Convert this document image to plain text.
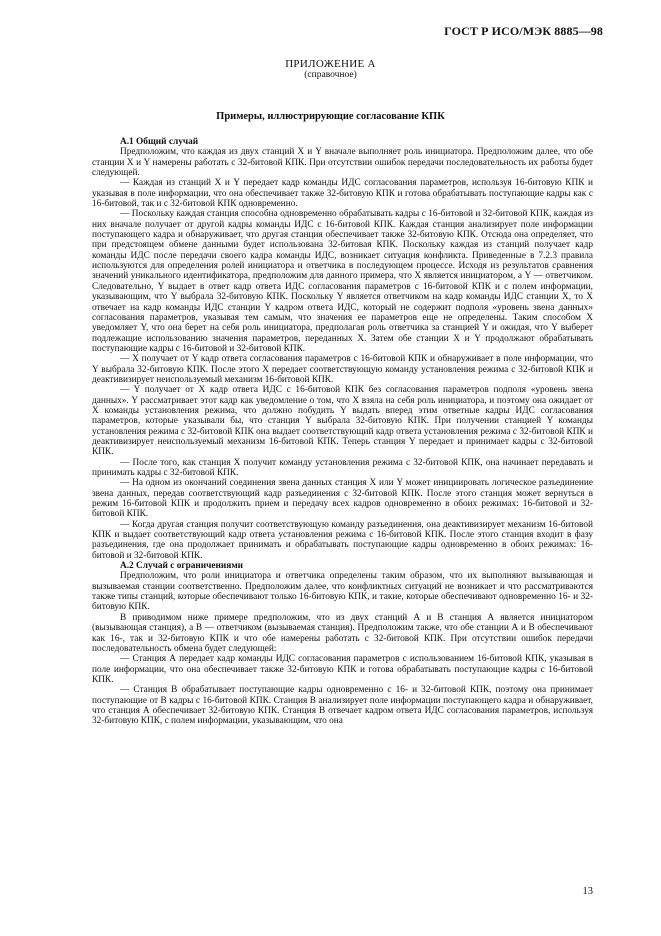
ГОСТ Р ИСО/МЭК 8885—98
ПРИЛОЖЕНИЕ А
(справочное)
Примеры, иллюстрирующие согласование КПК
А.1 Общий случай

Предположим, что каждая из двух станций X и Y вначале выполняет роль инициатора. Предположим далее, что обе станции X и Y намерены работать с 32-битовой КПК. При отсутствии ошибок передачи последовательность их работы будет следующей.

— Каждая из станций X и Y передает кадр команды ИДС согласования параметров, используя 16-битовую КПК и указывая в поле информации, что она обеспечивает также 32-битовую КПК и готова обрабатывать поступающие кадры как с 16-битовой, так и с 32-битовой КПК одновременно.

— Поскольку каждая станция способна одновременно обрабатывать кадры с 16-битовой и 32-битовой КПК, каждая из них вначале получает от другой кадры команды ИДС с 16-битовой КПК. Каждая станция анализирует поле информации поступающего кадра и обнаруживает, что другая станция обеспечивает также 32-битовую КПК. Отсюда она определяет, что при предстоящем обмене данными будет использована 32-битовая КПК. Поскольку каждая из станций получает кадр команды ИДС после передачи своего кадра команды ИДС, возникает ситуация конфликта. Приведенные в 7.2.3 правила используются для определения ролей инициатора и ответчика в последующем процессе. Исходя из результатов сравнения значений уникального идентификатора, предположим для данного примера, что X является инициатором, а Y — ответчиком. Следовательно, Y выдает в ответ кадр ответа ИДС согласования параметров с 16-битовой КПК и с полем информации, указывающим, что Y выбрала 32-битовую КПК. Поскольку Y является ответчиком на кадр команды ИДС станции X, то X отвечает на кадр команды ИДС станции Y кадром ответа ИДС, который не содержит подполя «уровень звена данных» согласования параметров, указывая тем самым, что значения ее параметров еще не определены. Таким способом X уведомляет Y, что она берет на себя роль инициатора, предполагая роль ответчика за станцией Y и ожидая, что Y выберет подлежащие использованию значения параметров, переданных X. Затем обе станции X и Y продолжают обрабатывать поступающие кадры с 16-битовой и 32-битовой КПК.

— X получает от Y кадр ответа согласования параметров с 16-битовой КПК и обнаруживает в поле информации, что Y выбрала 32-битовую КПК. После этого X передает соответствующую команду установления режима с 32-битовой КПК и деактивизирует неиспользуемый механизм 16-битовой КПК.

— Y получает от X кадр ответа ИДС с 16-битовой КПК без согласования параметров подполя «уровень звена данных». Y рассматривает этот кадр как уведомление о том, что X взяла на себя роль инициатора, и поэтому она ожидает от X команды установления режима, что должно побудить Y выдать вперед этим ответные кадры ИДС согласования параметров, которые указывали бы, что станция Y выбрала 32-битовую КПК. При получении станцией Y команды установления режима с 32-битовой КПК она выдает соответствующий кадр ответа установления режима с 32-битовой КПК и деактивизирует неиспользуемый механизм 16-битовой КПК. Теперь станция Y передает и принимает кадры с 32-битовой КПК.

— После того, как станция X получит команду установления режима с 32-битовой КПК, она начинает передавать и принимать кадры с 32-битовой КПК.

— На одном из окончаний соединения звена данных станция X или Y может инициировать логическое разъединение звена данных, передав соответствующий кадр разъединения с 32-битовой КПК. После этого станция может вернуться в режим 16-битовой КПК и продолжить прием и передачу всех кадров одновременно в обоих режимах: 16-битовой и 32-битовой КПК.

— Когда другая станция получит соответствующую команду разъединения, она деактивизирует механизм 16-битовой КПК и выдает соответствующий кадр ответа установления режима с 16-битовой КПК. После этого станция входит в фазу разъединения, где она продолжает принимать и обрабатывать поступающие кадры одновременно в обоих режимах: 16-битовой и 32-битовой КПК.

А.2 Случай с ограничениями

Предположим, что роли инициатора и ответчика определены таким образом, что их выполняют вызывающая и вызываемая станции соответственно. Предположим далее, что конфликтных ситуаций не возникает и что рассматриваются также типы станций, которые обеспечивают только 16-битовую КПК, и такие, которые обеспечивают одновременно 16- и 32-битовую КПК.

В приводимом ниже примере предположим, что из двух станций А и В станция А является инициатором (вызывающая станция), а В — ответчиком (вызываемая станция). Предположим также, что обе станции А и В обеспечивают как 16-, так и 32-битовую КПК и что обе намерены работать с 32-битовой КПК. При отсутствии ошибок передачи последовательность обмена будет следующей:

— Станция А передает кадр команды ИДС согласования параметров с использованием 16-битовой КПК, указывая в поле информации, что она обеспечивает также 32-битовую КПК и готова обрабатывать поступающие кадры с 16-битовой КПК.

— Станция В обрабатывает поступающие кадры одновременно с 16- и 32-битовой КПК, поэтому она принимает поступающие от В кадры с 16-битовой КПК. Станция В анализирует поле информации поступающего кадра и обнаруживает, что станция А обеспечивает 32-битовую КПК. Станция В отвечает кадром ответа ИДС согласования параметров, используя 32-битовую КПК, с полем информации, указывающим, что она

13
